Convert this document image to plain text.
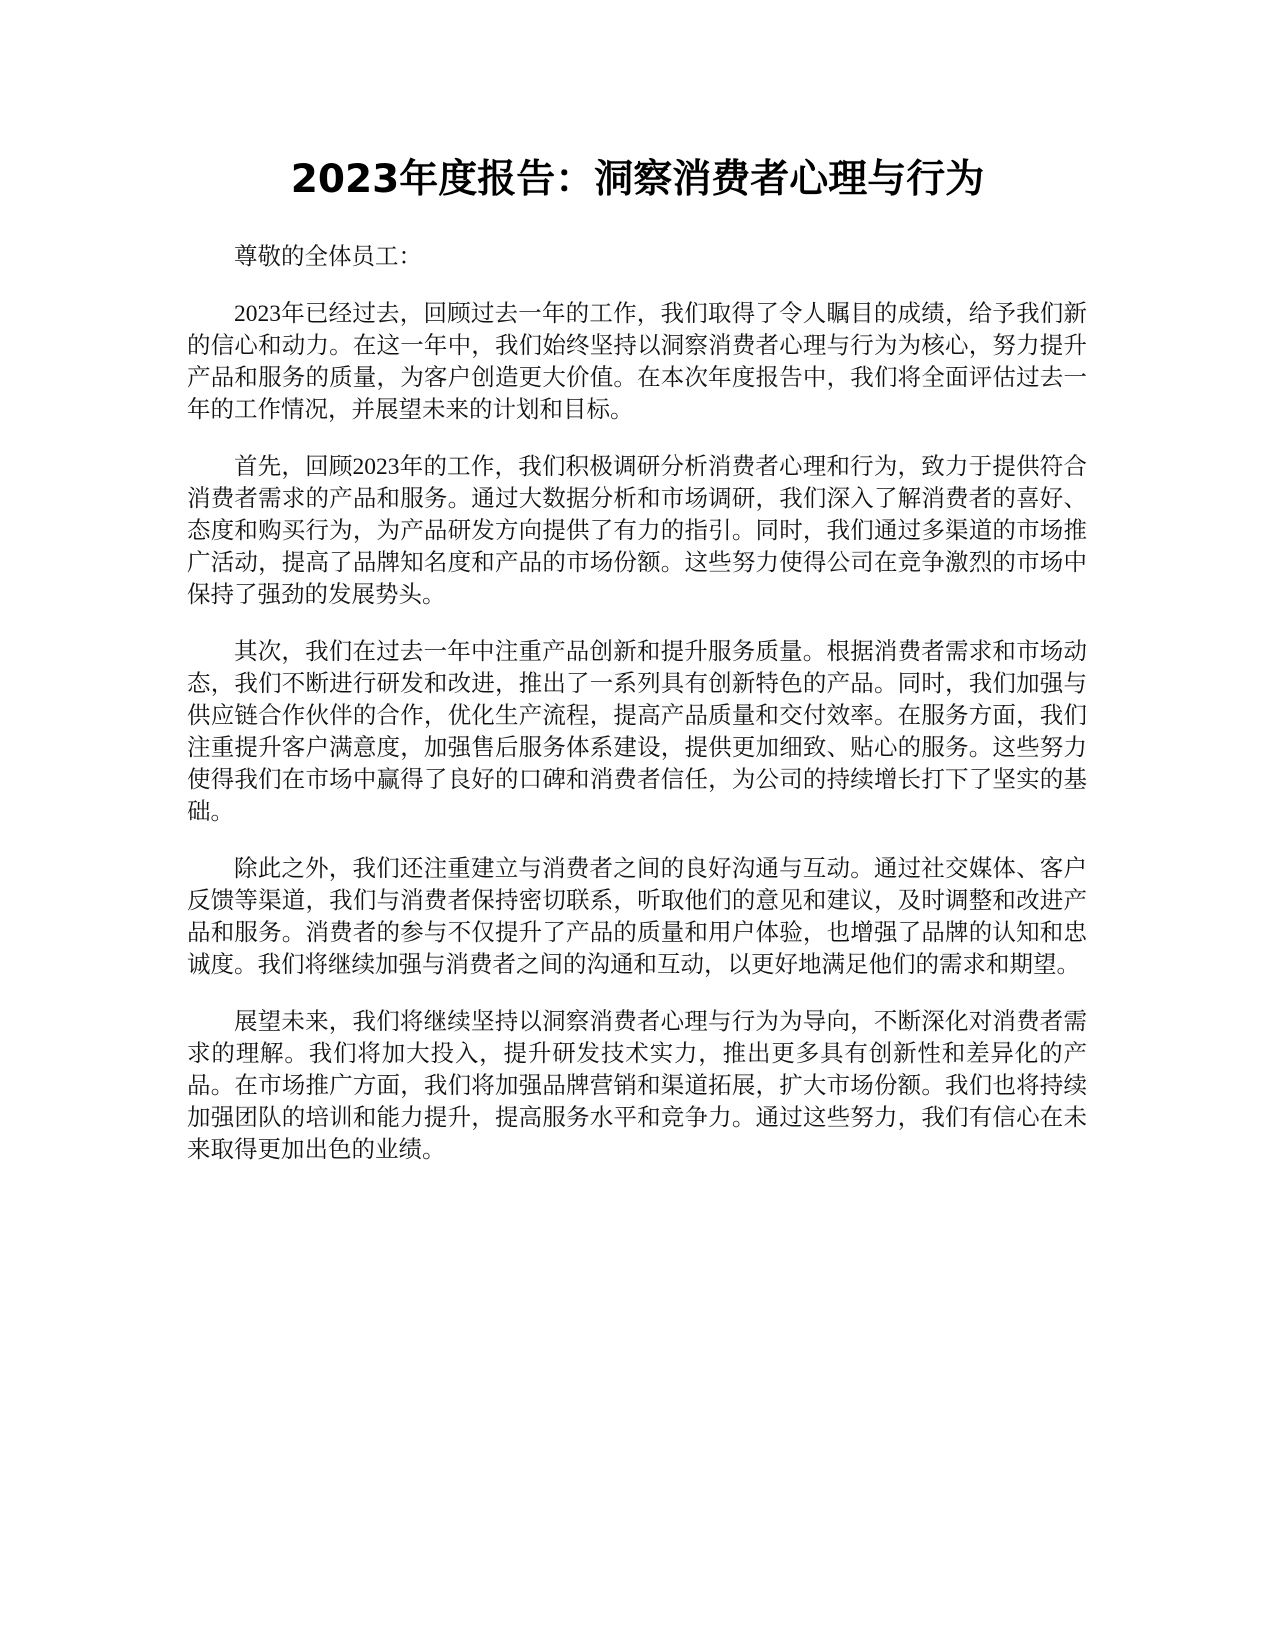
2023年度报告：洞察消费者心理与行为

尊敬的全体员工：

2023年已经过去，回顾过去一年的工作，我们取得了令人瞩目的成绩，给予我们新的信心和动力。在这一年中，我们始终坚持以洞察消费者心理与行为为核心，努力提升产品和服务的质量，为客户创造更大价值。在本次年度报告中，我们将全面评估过去一年的工作情况，并展望未来的计划和目标。

首先，回顾2023年的工作，我们积极调研分析消费者心理和行为，致力于提供符合消费者需求的产品和服务。通过大数据分析和市场调研，我们深入了解消费者的喜好、态度和购买行为，为产品研发方向提供了有力的指引。同时，我们通过多渠道的市场推广活动，提高了品牌知名度和产品的市场份额。这些努力使得公司在竞争激烈的市场中保持了强劲的发展势头。

其次，我们在过去一年中注重产品创新和提升服务质量。根据消费者需求和市场动态，我们不断进行研发和改进，推出了一系列具有创新特色的产品。同时，我们加强与供应链合作伙伴的合作，优化生产流程，提高产品质量和交付效率。在服务方面，我们注重提升客户满意度，加强售后服务体系建设，提供更加细致、贴心的服务。这些努力使得我们在市场中赢得了良好的口碑和消费者信任，为公司的持续增长打下了坚实的基础。

除此之外，我们还注重建立与消费者之间的良好沟通与互动。通过社交媒体、客户反馈等渠道，我们与消费者保持密切联系，听取他们的意见和建议，及时调整和改进产品和服务。消费者的参与不仅提升了产品的质量和用户体验，也增强了品牌的认知和忠诚度。我们将继续加强与消费者之间的沟通和互动，以更好地满足他们的需求和期望。

展望未来，我们将继续坚持以洞察消费者心理与行为为导向，不断深化对消费者需求的理解。我们将加大投入，提升研发技术实力，推出更多具有创新性和差异化的产品。在市场推广方面，我们将加强品牌营销和渠道拓展，扩大市场份额。我们也将持续加强团队的培训和能力提升，提高服务水平和竞争力。通过这些努力，我们有信心在未来取得更加出色的业绩。
